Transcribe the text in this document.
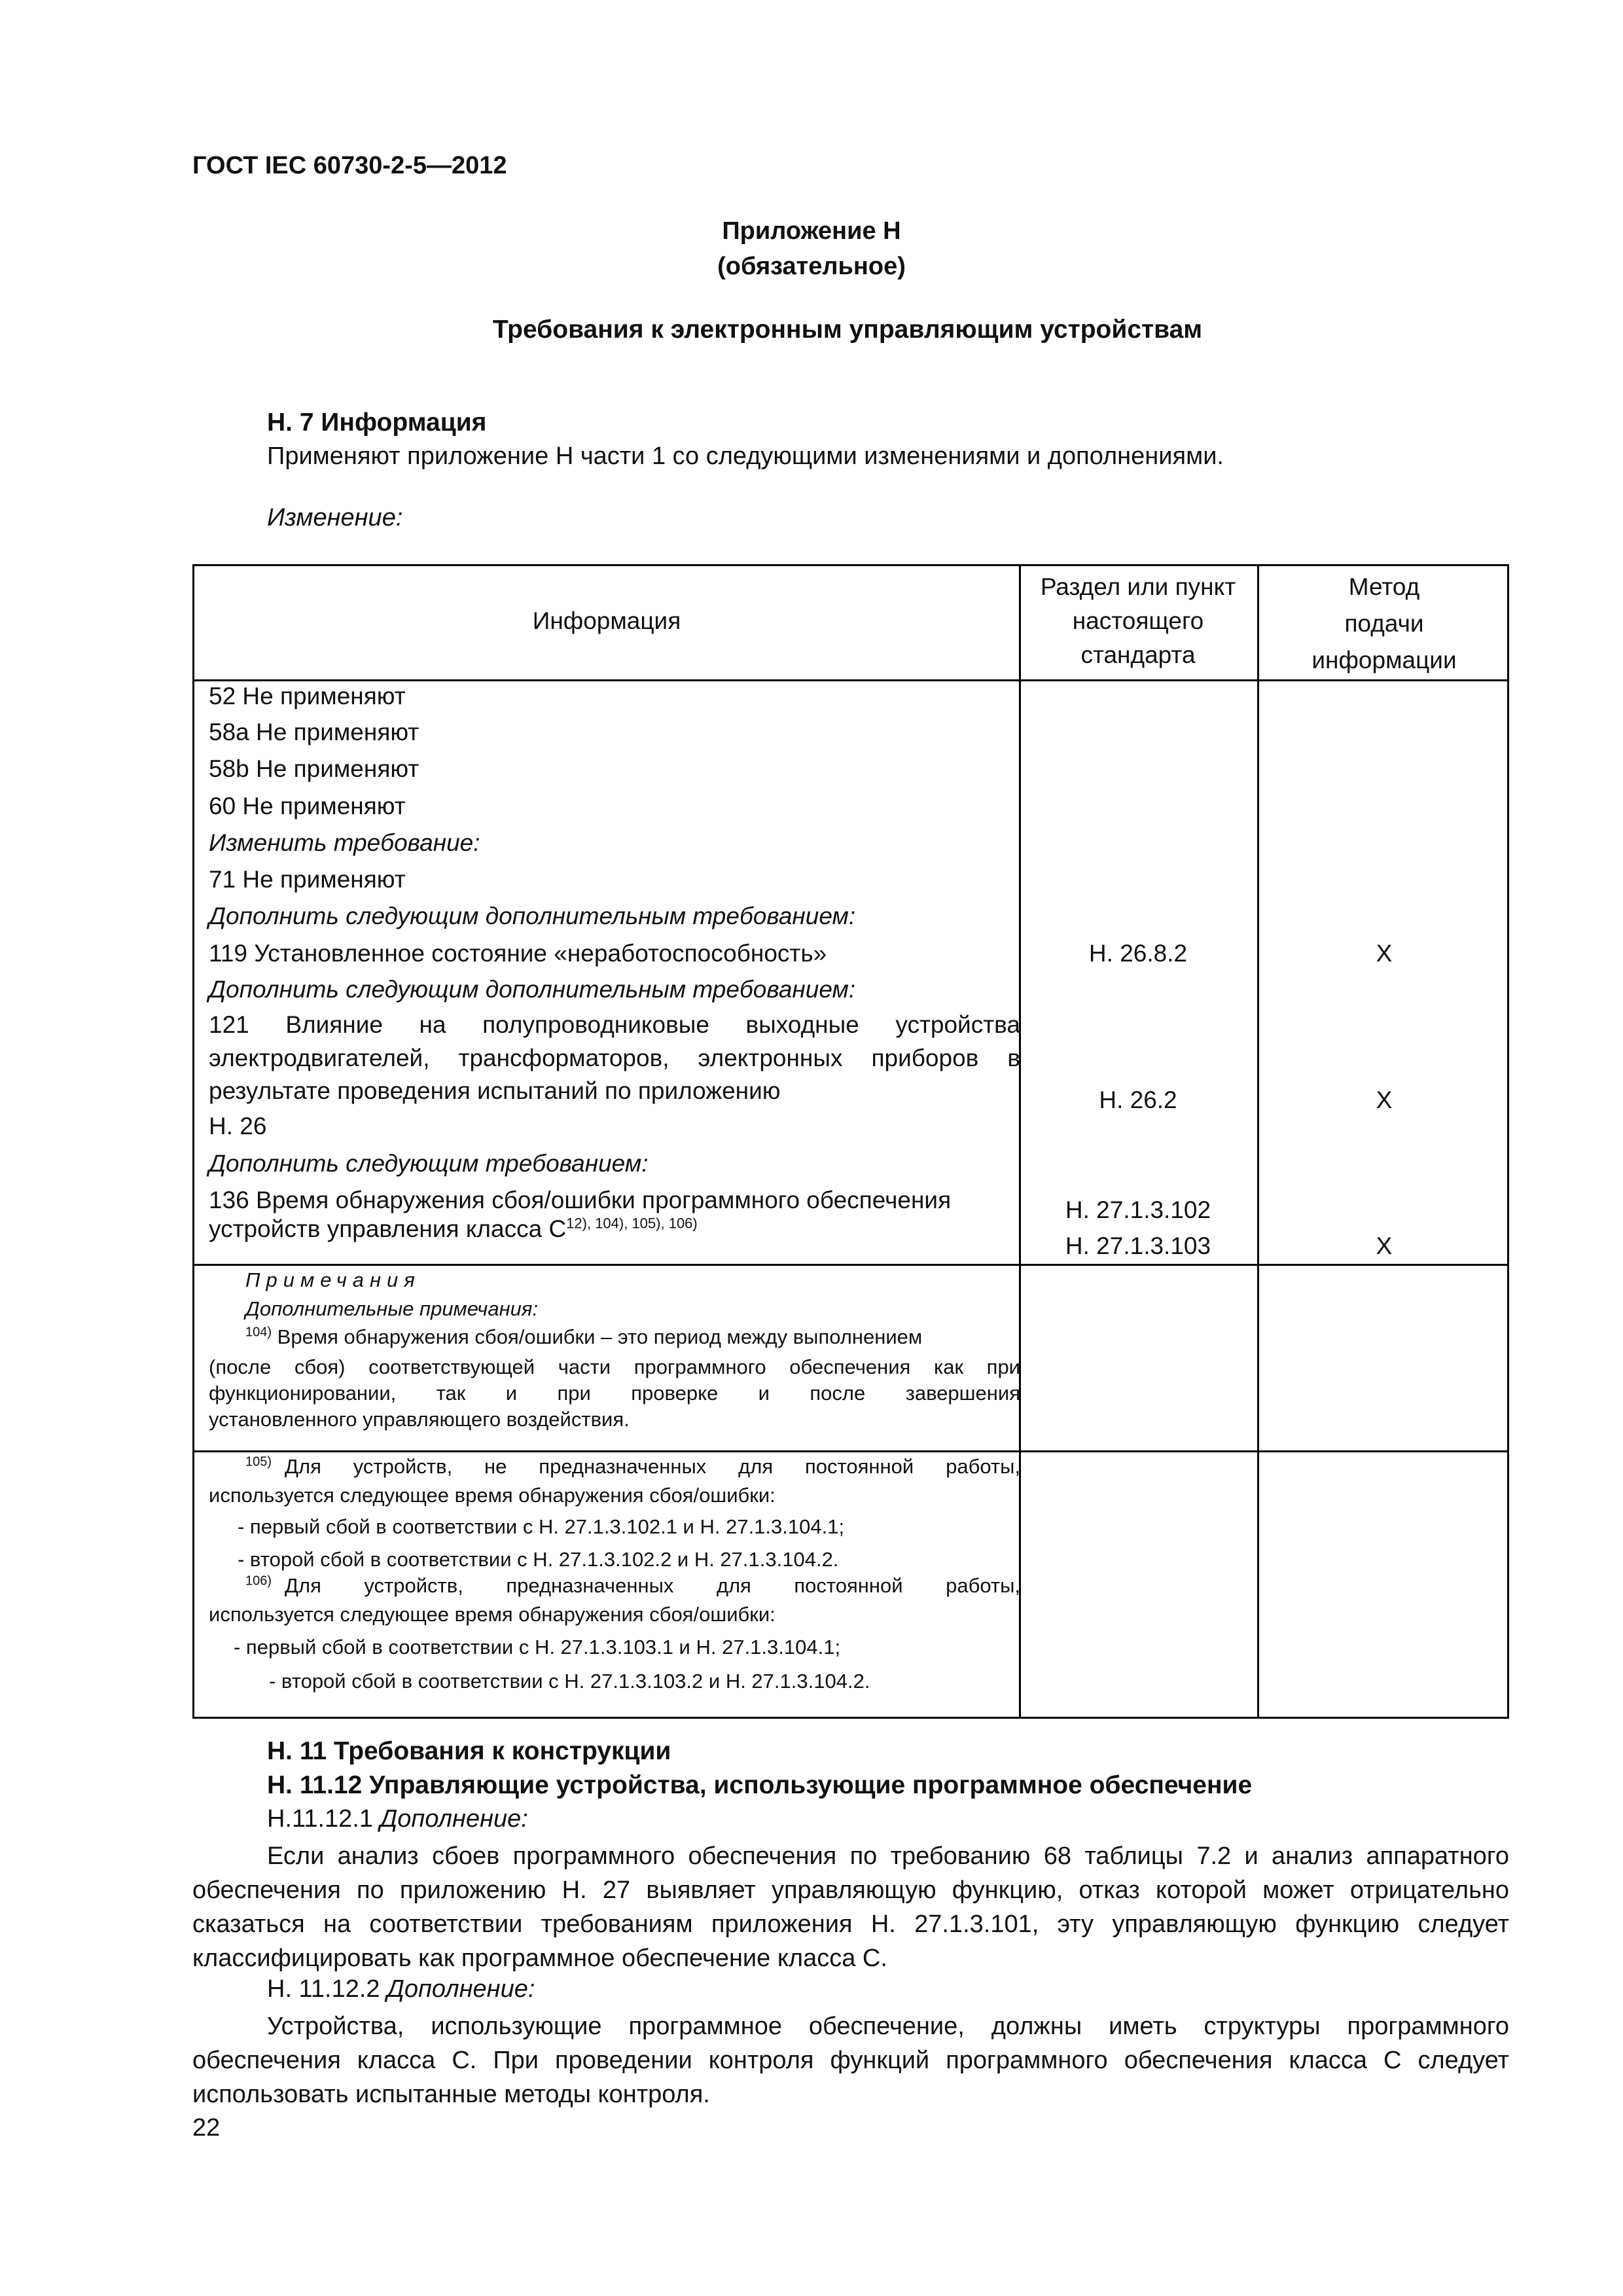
ГОСТ IEC 60730-2-5—2012
Приложение Н
(обязательное)
Требования к электронным управляющим устройствам
Н. 7 Информация
Применяют приложение Н части 1 со следующими изменениями и дополнениями.
Изменение:
Информация
Раздел или пункт
настоящего
стандарта
Метод
подачи
информации
52 Не применяют
58a Не применяют
58b Не применяют
60 Не применяют
Изменить требование:
71 Не применяют
Дополнить следующим дополнительным требованием:
119 Установленное состояние «неработоспособность»
Дополнить следующим дополнительным требованием:
121 Влияние на полупроводниковые выходные устройства
электродвигателей, трансформаторов, электронных приборов в
результате проведения испытаний по приложению
Н. 26
Дополнить следующим требованием:
136 Время обнаружения сбоя/ошибки программного обеспечения
устройств управления класса $С^{12), 104), 105), 106)}$
Н. 26.8.2
Н. 26.2
Н. 27.1.3.102
Н. 27.1.3.103
X
X
X
Примечания
Дополнительные примечания:
$^{104)}$ Время обнаружения сбоя/ошибки – это период между выполнением
(после сбоя) соответствующей части программного обеспечения как при
функционировании, так и при проверке и после завершения
установленного управляющего воздействия.
$^{105)}$ Для устройств, не предназначенных для постоянной работы,
используется следующее время обнаружения сбоя/ошибки:
- первый сбой в соответствии с Н. 27.1.3.102.1 и Н. 27.1.3.104.1;
- второй сбой в соответствии с Н. 27.1.3.102.2 и Н. 27.1.3.104.2.
$^{106)}$ Для устройств, предназначенных для постоянной работы,
используется следующее время обнаружения сбоя/ошибки:
- первый сбой в соответствии с Н. 27.1.3.103.1 и Н. 27.1.3.104.1;
- второй сбой в соответствии с Н. 27.1.3.103.2 и Н. 27.1.3.104.2.
Н. 11 Требования к конструкции
Н. 11.12 Управляющие устройства, использующие программное обеспечение
Н.11.12.1 Дополнение:
Если анализ сбоев программного обеспечения по требованию 68 таблицы 7.2 и анализ аппаратного обеспечения по приложению Н. 27 выявляет управляющую функцию, отказ которой может отрицательно сказаться на соответствии требованиям приложения Н. 27.1.3.101, эту управляющую функцию следует классифицировать как программное обеспечение класса С.
Н. 11.12.2 Дополнение:
Устройства, использующие программное обеспечение, должны иметь структуры программного обеспечения класса С. При проведении контроля функций программного обеспечения класса С следует использовать испытанные методы контроля.
22
